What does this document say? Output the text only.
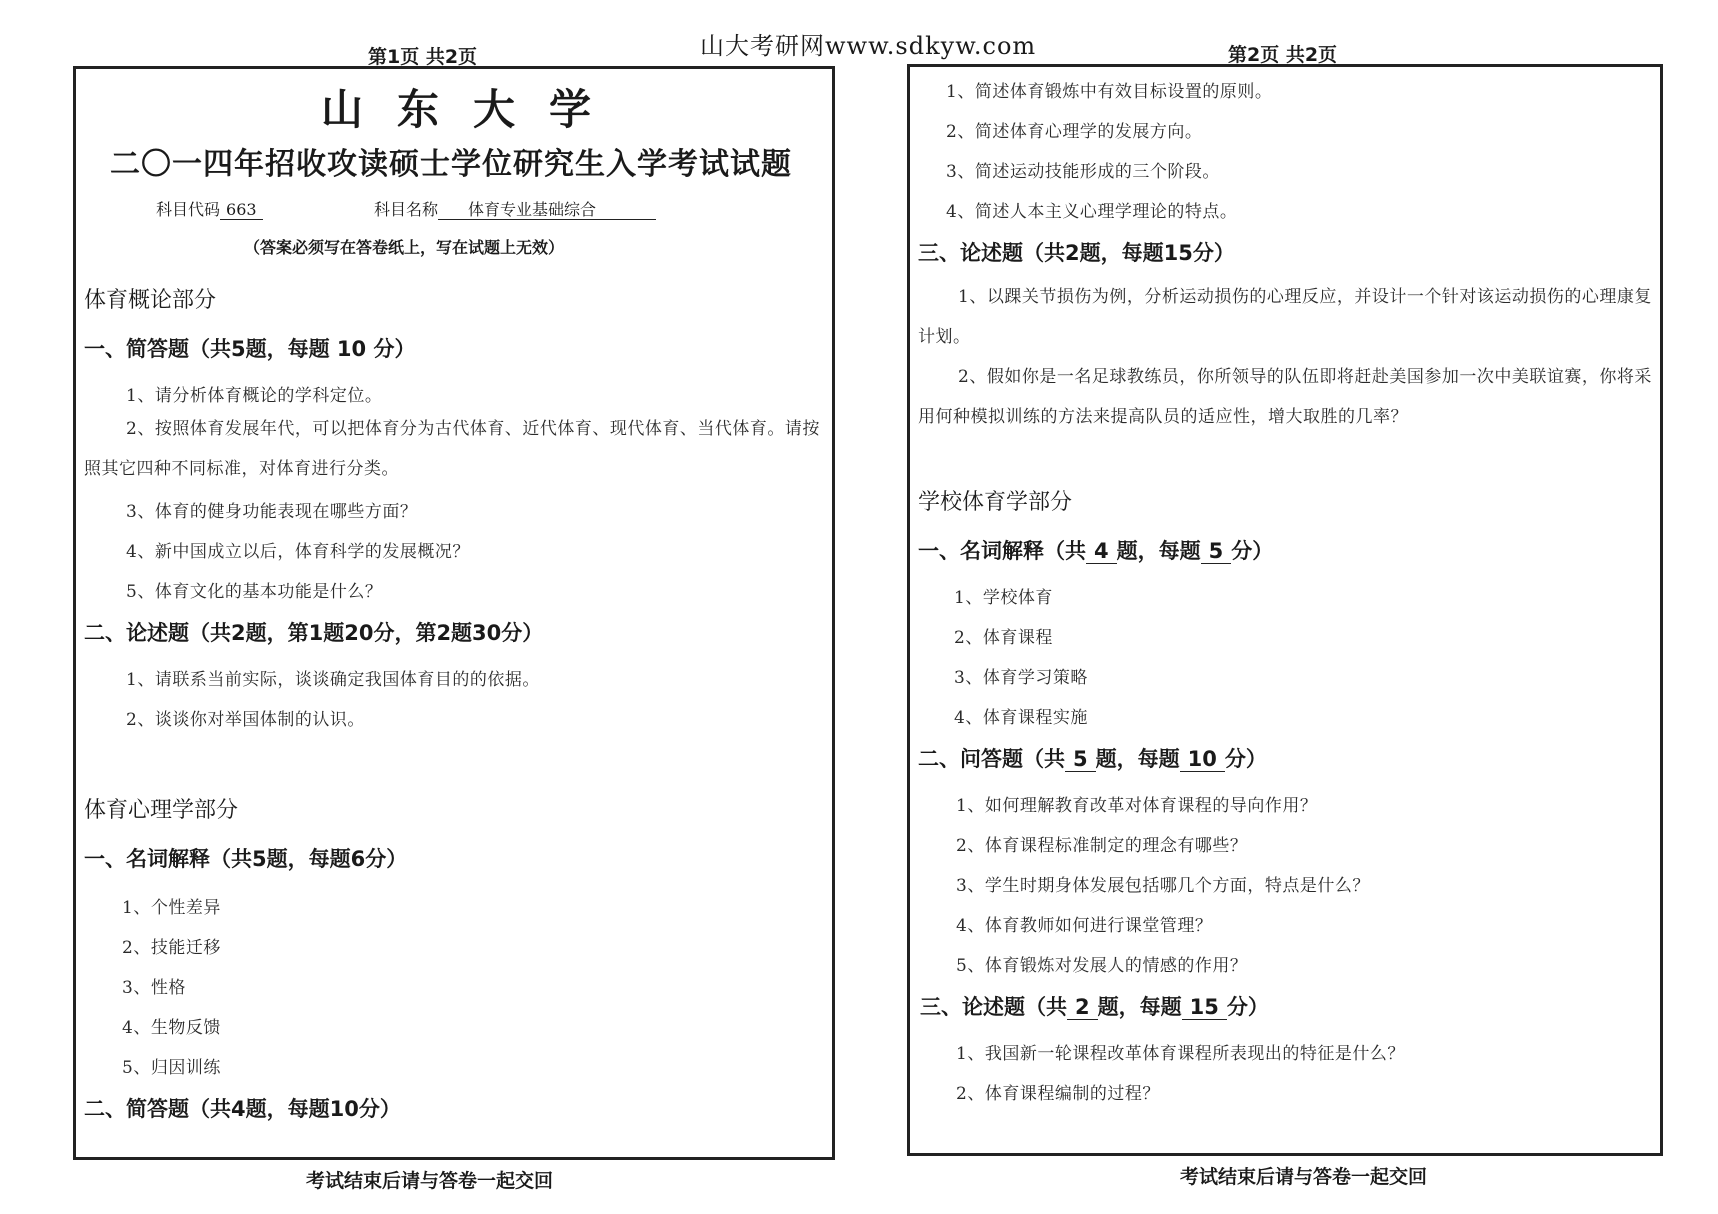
山大考研网www.sdkyw.com
第1页 共2页
山东大学
二〇一四年招收攻读硕士学位研究生入学考试试题
科目代码 663	科目名称 体育专业基础综合
（答案必须写在答卷纸上，写在试题上无效）
体育概论部分
一、简答题（共5题，每题 10 分）
1、请分析体育概论的学科定位。
2、按照体育发展年代，可以把体育分为古代体育、近代体育、现代体育、当代体育。请按照其它四种不同标准，对体育进行分类。
3、体育的健身功能表现在哪些方面？
4、新中国成立以后，体育科学的发展概况？
5、体育文化的基本功能是什么？
二、论述题（共2题，第1题20分，第2题30分）
1、请联系当前实际，谈谈确定我国体育目的的依据。
2、谈谈你对举国体制的认识。
体育心理学部分
一、名词解释（共5题，每题6分）
1、个性差异
2、技能迁移
3、性格
4、生物反馈
5、归因训练
二、简答题（共4题，每题10分）
考试结束后请与答卷一起交回
第2页 共2页
1、简述体育锻炼中有效目标设置的原则。
2、简述体育心理学的发展方向。
3、简述运动技能形成的三个阶段。
4、简述人本主义心理学理论的特点。
三、论述题（共2题，每题15分）
1、以踝关节损伤为例，分析运动损伤的心理反应，并设计一个针对该运动损伤的心理康复计划。
2、假如你是一名足球教练员，你所领导的队伍即将赶赴美国参加一次中美联谊赛，你将采用何种模拟训练的方法来提高队员的适应性，增大取胜的几率？
学校体育学部分
一、名词解释（共 4 题，每题 5 分）
1、学校体育
2、体育课程
3、体育学习策略
4、体育课程实施
二、问答题（共 5 题，每题 10 分）
1、如何理解教育改革对体育课程的导向作用？
2、体育课程标准制定的理念有哪些？
3、学生时期身体发展包括哪几个方面，特点是什么？
4、体育教师如何进行课堂管理？
5、体育锻炼对发展人的情感的作用？
三、论述题（共 2 题，每题 15 分）
1、我国新一轮课程改革体育课程所表现出的特征是什么？
2、体育课程编制的过程？
考试结束后请与答卷一起交回
